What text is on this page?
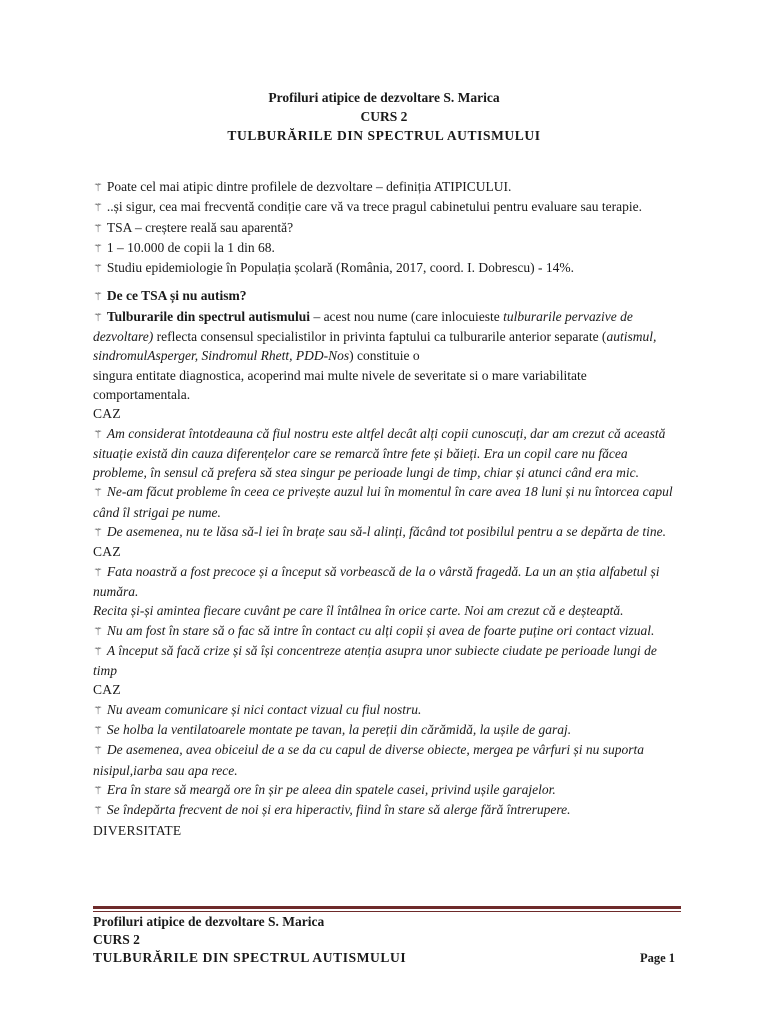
Profiluri atipice de dezvoltare S. Marica
CURS 2
TULBURĂRILE DIN SPECTRUL AUTISMULUI

⚚ Poate cel mai atipic dintre profilele de dezvoltare – definiția ATIPICULUI.

⚚ ..și sigur, cea mai frecventă condiție care vă va trece pragul cabinetului pentru evaluare sau terapie.

⚚ TSA – creștere reală sau aparentă?

⚚ 1 – 10.000 de copii la 1 din 68.

⚚ Studiu epidemiologie în Populația școlară (România, 2017, coord. I. Dobrescu) - 14%.

⚚ De ce TSA și nu autism?

⚚ Tulburarile din spectrul autismului – acest nou nume (care inlocuieste tulburarile pervazive de dezvoltare) reflecta consensul specialistilor in privinta faptului ca tulburarile anterior separate (autismul, sindromulAsperger, Sindromul Rhett, PDD-Nos) constituie o

singura entitate diagnostica, acoperind mai multe nivele de severitate si o mare variabilitate comportamentala.

CAZ

⚚ Am considerat întotdeauna că fiul nostru este altfel decât alți copii cunoscuți, dar am crezut că această situație există din cauza diferențelor care se remarcă între fete și băieți. Era un copil care nu făcea probleme, în sensul că prefera să stea singur pe perioade lungi de timp, chiar și atunci când era mic.

⚚ Ne-am făcut probleme în ceea ce privește auzul lui în momentul în care avea 18 luni și nu întorcea capul când îl strigai pe nume.

⚚ De asemenea, nu te lăsa să-l iei în brațe sau să-l alinți, făcând tot posibilul pentru a se depărta de tine.

CAZ

⚚ Fata noastră a fost precoce și a început să vorbească de la o vârstă fragedă. La un an știa alfabetul și număra.

Recita și-și amintea fiecare cuvânt pe care îl întâlnea în orice carte. Noi am crezut că e deșteaptă.

⚚ Nu am fost în stare să o fac să intre în contact cu alți copii și avea de foarte puține ori contact vizual.

⚚ A început să facă crize și să își concentreze atenția asupra unor subiecte ciudate pe perioade lungi de timp

CAZ

⚚ Nu aveam comunicare și nici contact vizual cu fiul nostru.

⚚ Se holba la ventilatoarele montate pe tavan, la pereții din cărămidă, la ușile de garaj.

⚚ De asemenea, avea obiceiul de a se da cu capul de diverse obiecte, mergea pe vârfuri și nu suporta nisipul,iarba sau apa rece.

⚚ Era în stare să meargă ore în șir pe aleea din spatele casei, privind ușile garajelor.

⚚ Se îndepărta frecvent de noi și era hiperactiv, fiind în stare să alerge fără întrerupere.

DIVERSITATE

Profiluri atipice de dezvoltare S. Marica
CURS 2
TULBURĂRILE DIN SPECTRUL AUTISMULUI	Page 1
